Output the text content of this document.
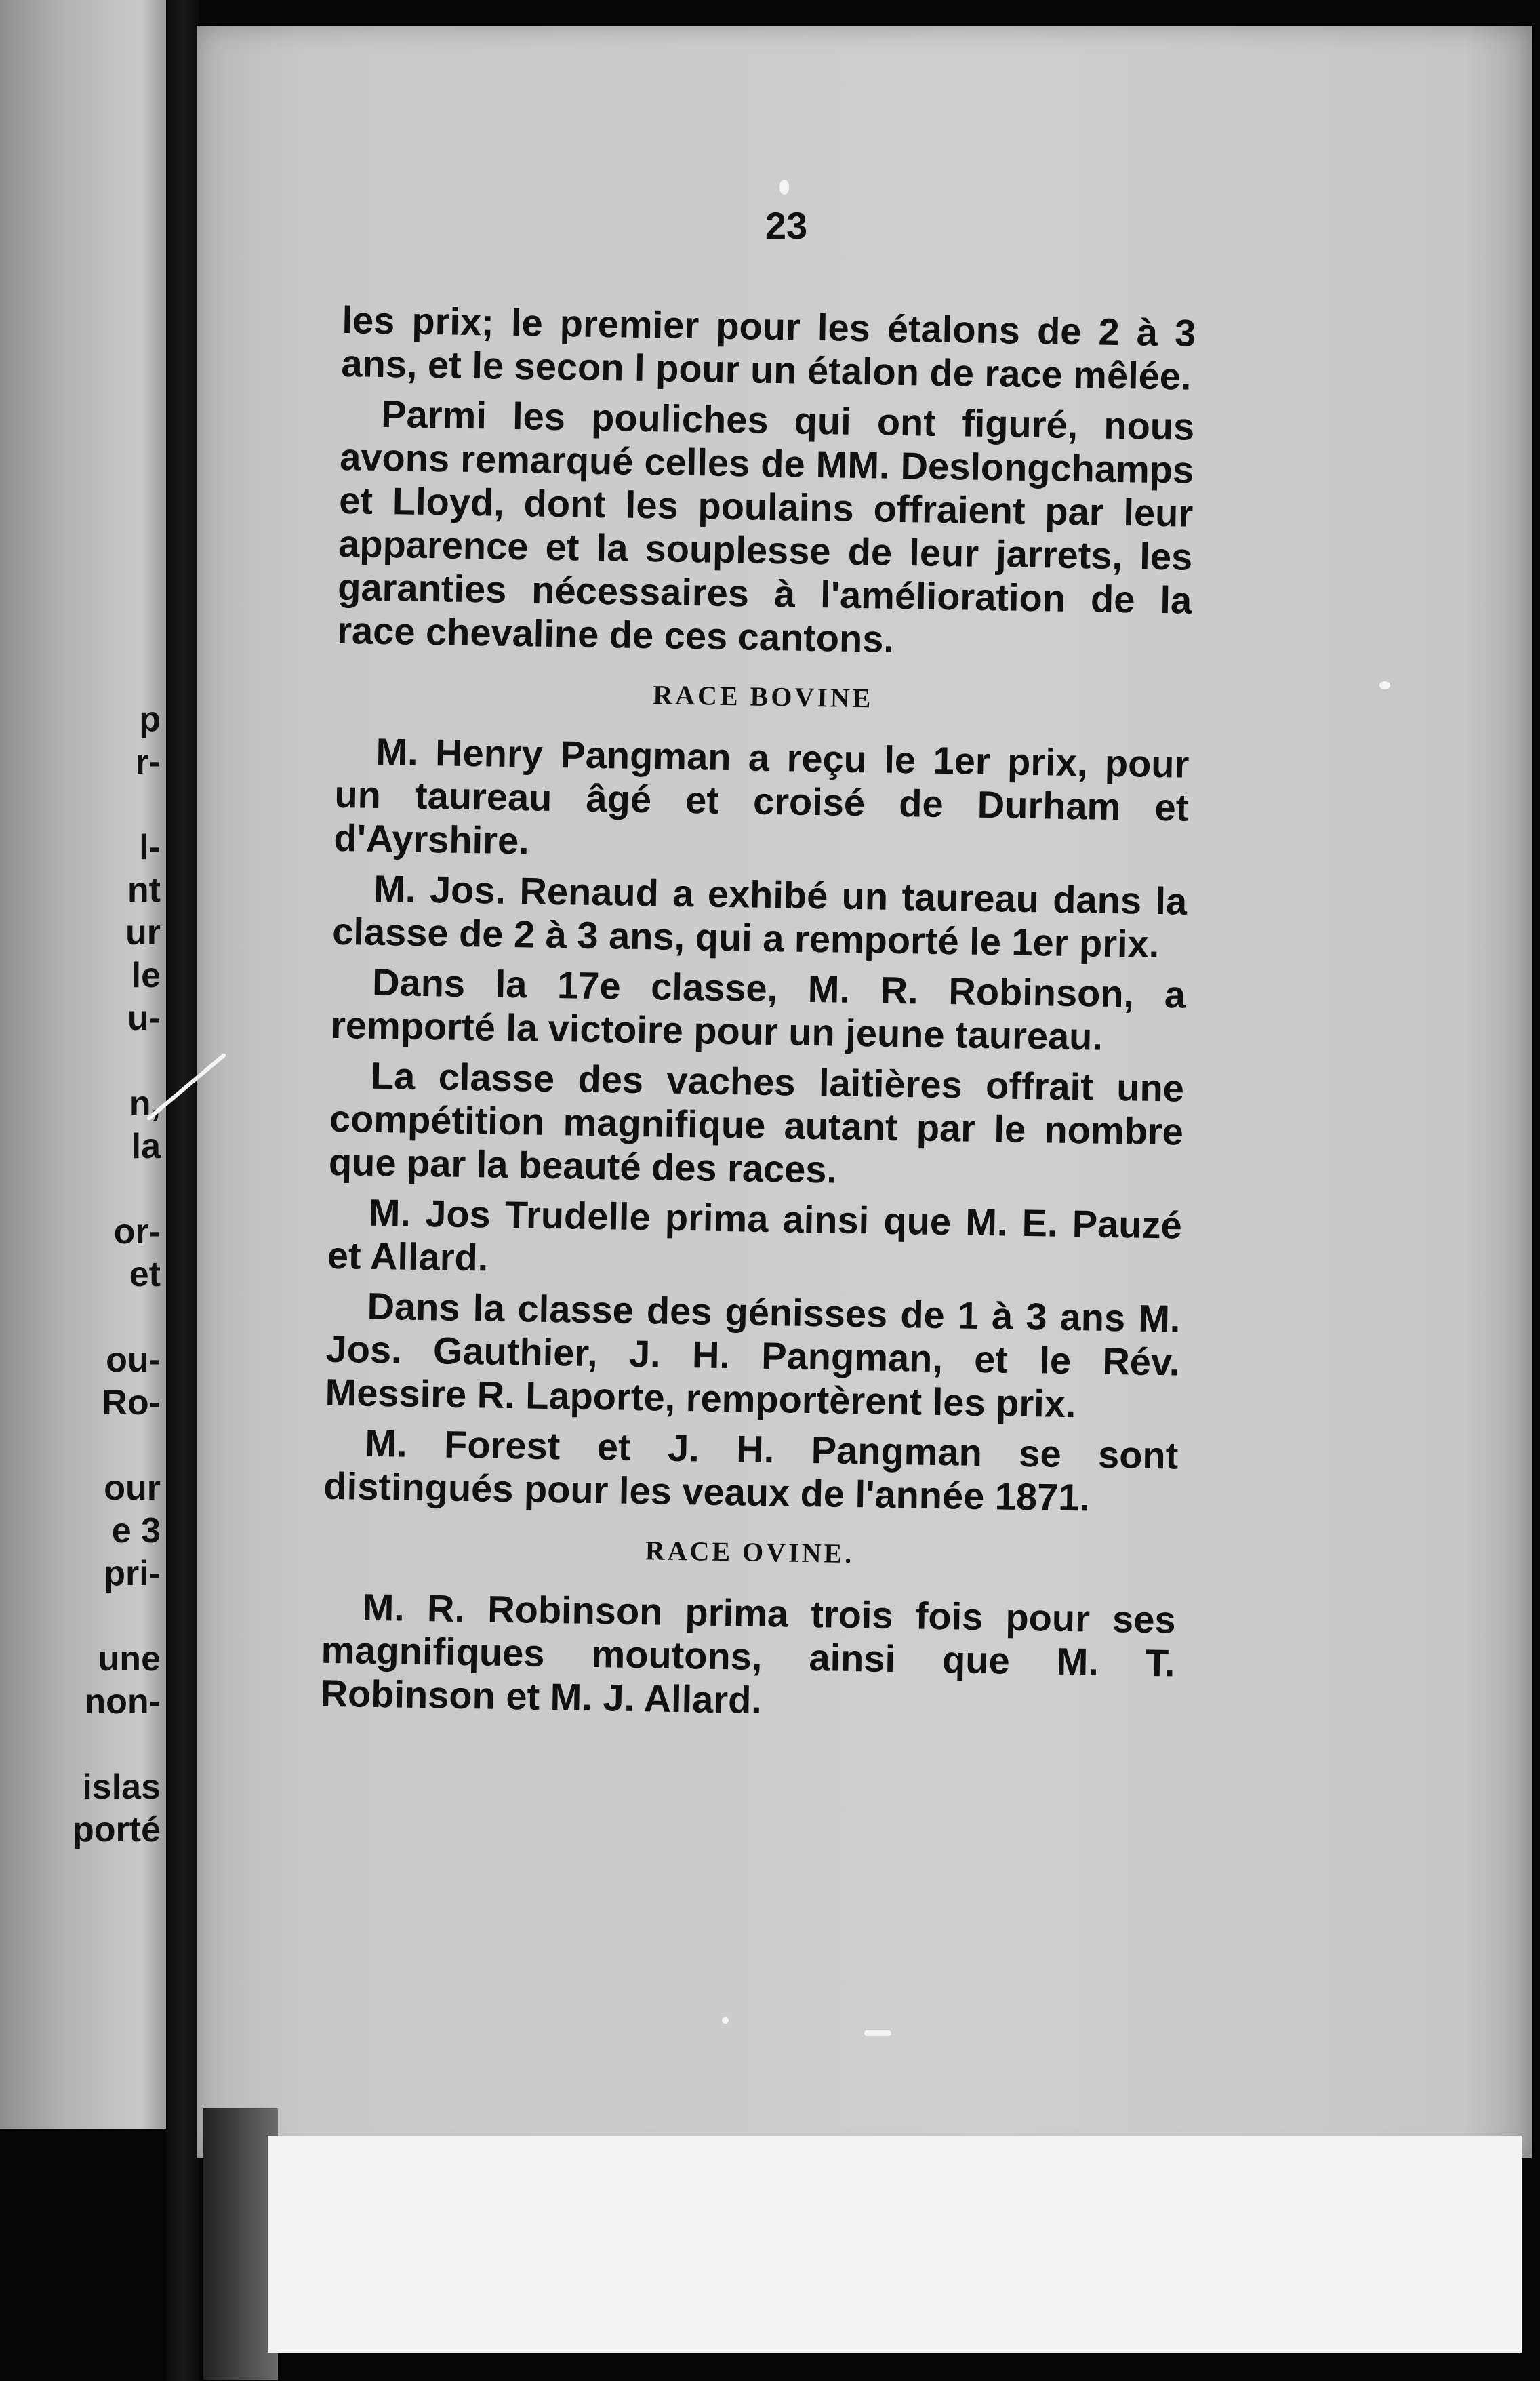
p
r-

l-
nt
ur
le
u-

n,
la

or-
et

ou-
Ro-

our
e 3
pri-

une
non-

islas
porté
23

les prix; le premier pour les étalons de 2 à 3 ans, et le secon l pour un étalon de race mêlée.

Parmi les pouliches qui ont figuré, nous avons remarqué celles de MM. Deslongchamps et Lloyd, dont les poulains offraient par leur apparence et la souplesse de leur jarrets, les garanties nécessaires à l'amélioration de la race chevaline de ces cantons.

RACE BOVINE

M. Henry Pangman a reçu le 1er prix, pour un taureau âgé et croisé de Durham et d'Ayrshire.

M. Jos. Renaud a exhibé un taureau dans la classe de 2 à 3 ans, qui a remporté le 1er prix.

Dans la 17e classe, M. R. Robinson, a remporté la victoire pour un jeune taureau.

La classe des vaches laitières offrait une compétition magnifique autant par le nombre que par la beauté des races.

M. Jos Trudelle prima ainsi que M. E. Pauzé et Allard.

Dans la classe des génisses de 1 à 3 ans M. Jos. Gauthier, J. H. Pangman, et le Rév. Messire R. Laporte, remportèrent les prix.

M. Forest et J. H. Pangman se sont distingués pour les veaux de l'année 1871.

RACE OVINE.

M. R. Robinson prima trois fois pour ses magnifiques moutons, ainsi que M. T. Robinson et M. J. Allard.
